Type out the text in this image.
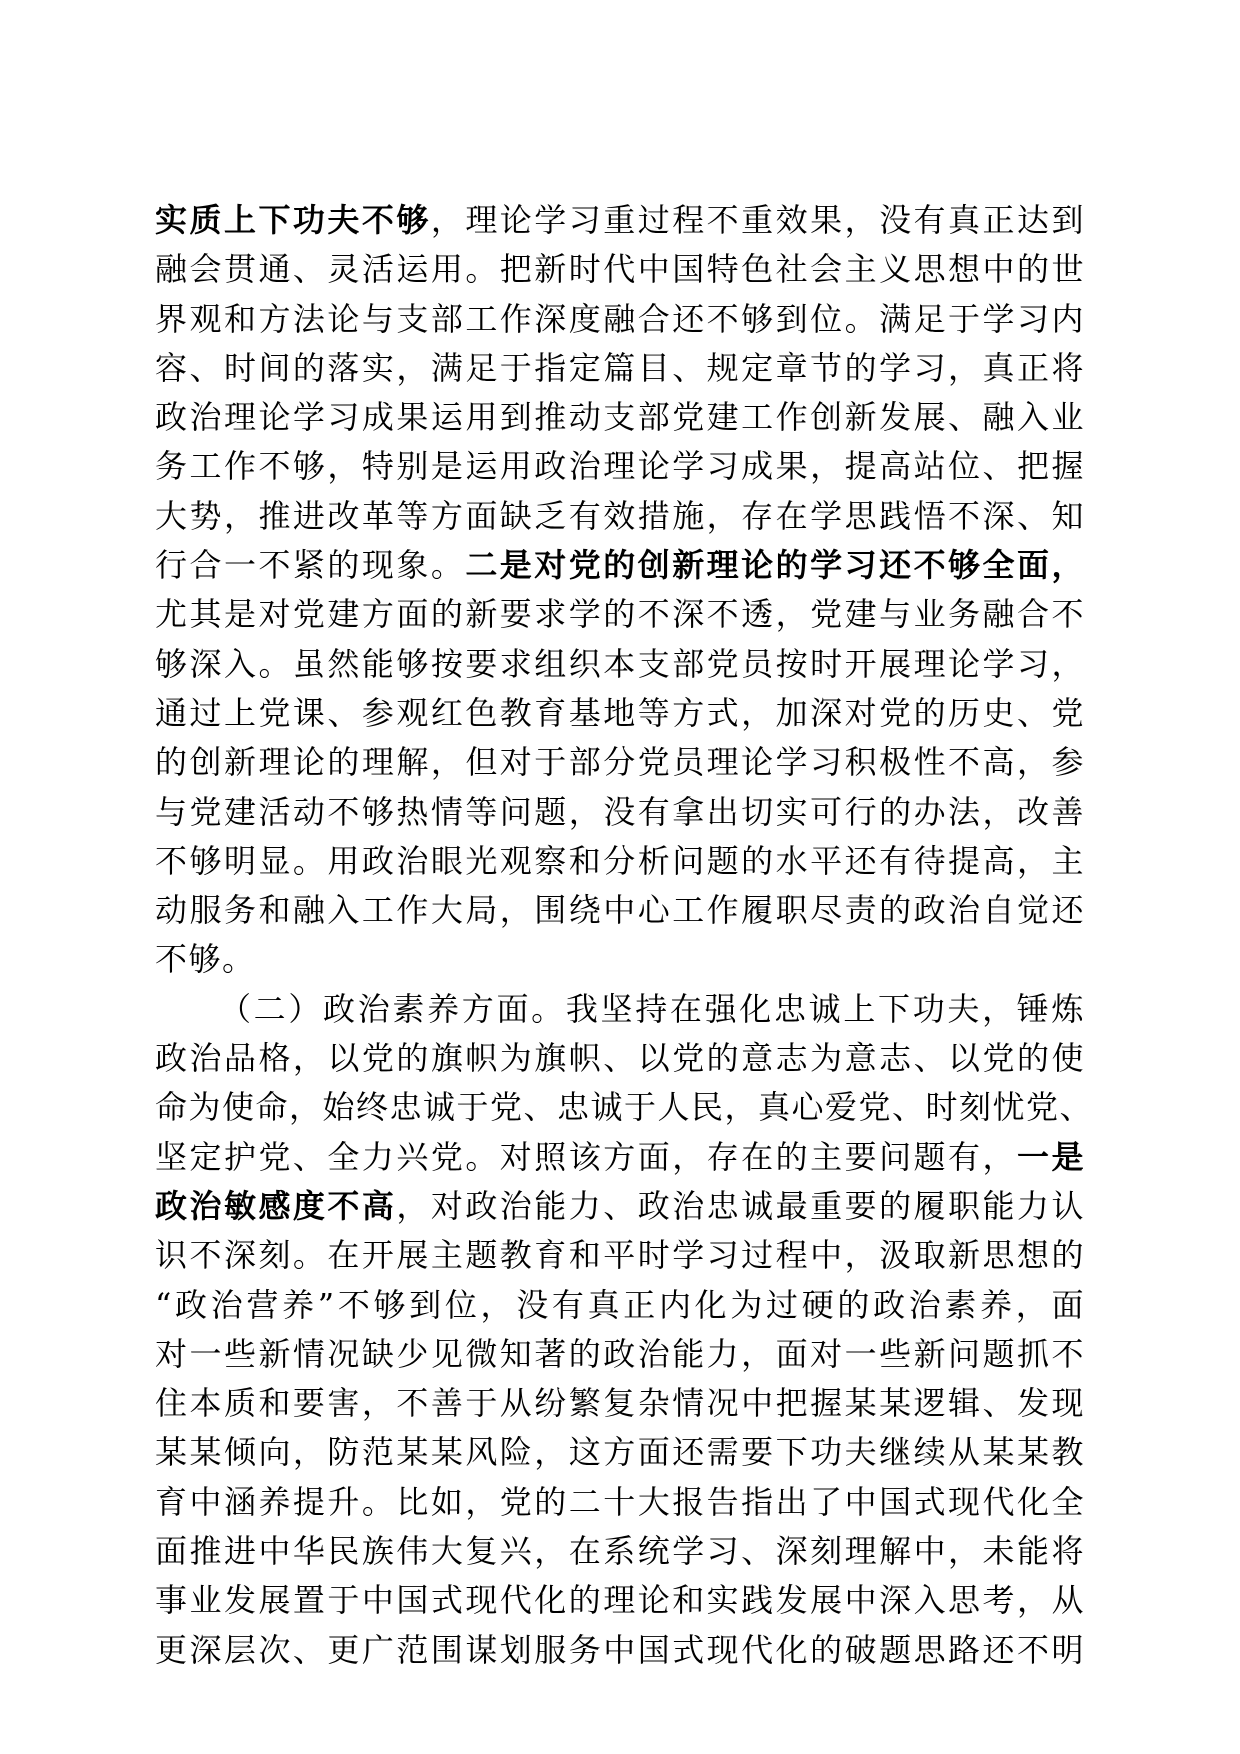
实质上下功夫不够，理论学习重过程不重效果，没有真正达到
融会贯通、灵活运用。把新时代中国特色社会主义思想中的世
界观和方法论与支部工作深度融合还不够到位。满足于学习内
容、时间的落实，满足于指定篇目、规定章节的学习，真正将
政治理论学习成果运用到推动支部党建工作创新发展、融入业
务工作不够，特别是运用政治理论学习成果，提高站位、把握
大势，推进改革等方面缺乏有效措施，存在学思践悟不深、知
行合一不紧的现象。二是对党的创新理论的学习还不够全面，
尤其是对党建方面的新要求学的不深不透，党建与业务融合不
够深入。虽然能够按要求组织本支部党员按时开展理论学习，
通过上党课、参观红色教育基地等方式，加深对党的历史、党
的创新理论的理解，但对于部分党员理论学习积极性不高，参
与党建活动不够热情等问题，没有拿出切实可行的办法，改善
不够明显。用政治眼光观察和分析问题的水平还有待提高，主
动服务和融入工作大局，围绕中心工作履职尽责的政治自觉还
不够。
（二）政治素养方面。我坚持在强化忠诚上下功夫，锤炼
政治品格，以党的旗帜为旗帜、以党的意志为意志、以党的使
命为使命，始终忠诚于党、忠诚于人民，真心爱党、时刻忧党、
坚定护党、全力兴党。对照该方面，存在的主要问题有，一是
政治敏感度不高，对政治能力、政治忠诚最重要的履职能力认
识不深刻。在开展主题教育和平时学习过程中，汲取新思想的
“政治营养”不够到位，没有真正内化为过硬的政治素养，面
对一些新情况缺少见微知著的政治能力，面对一些新问题抓不
住本质和要害，不善于从纷繁复杂情况中把握某某逻辑、发现
某某倾向，防范某某风险，这方面还需要下功夫继续从某某教
育中涵养提升。比如，党的二十大报告指出了中国式现代化全
面推进中华民族伟大复兴，在系统学习、深刻理解中，未能将
事业发展置于中国式现代化的理论和实践发展中深入思考，从
更深层次、更广范围谋划服务中国式现代化的破题思路还不明
